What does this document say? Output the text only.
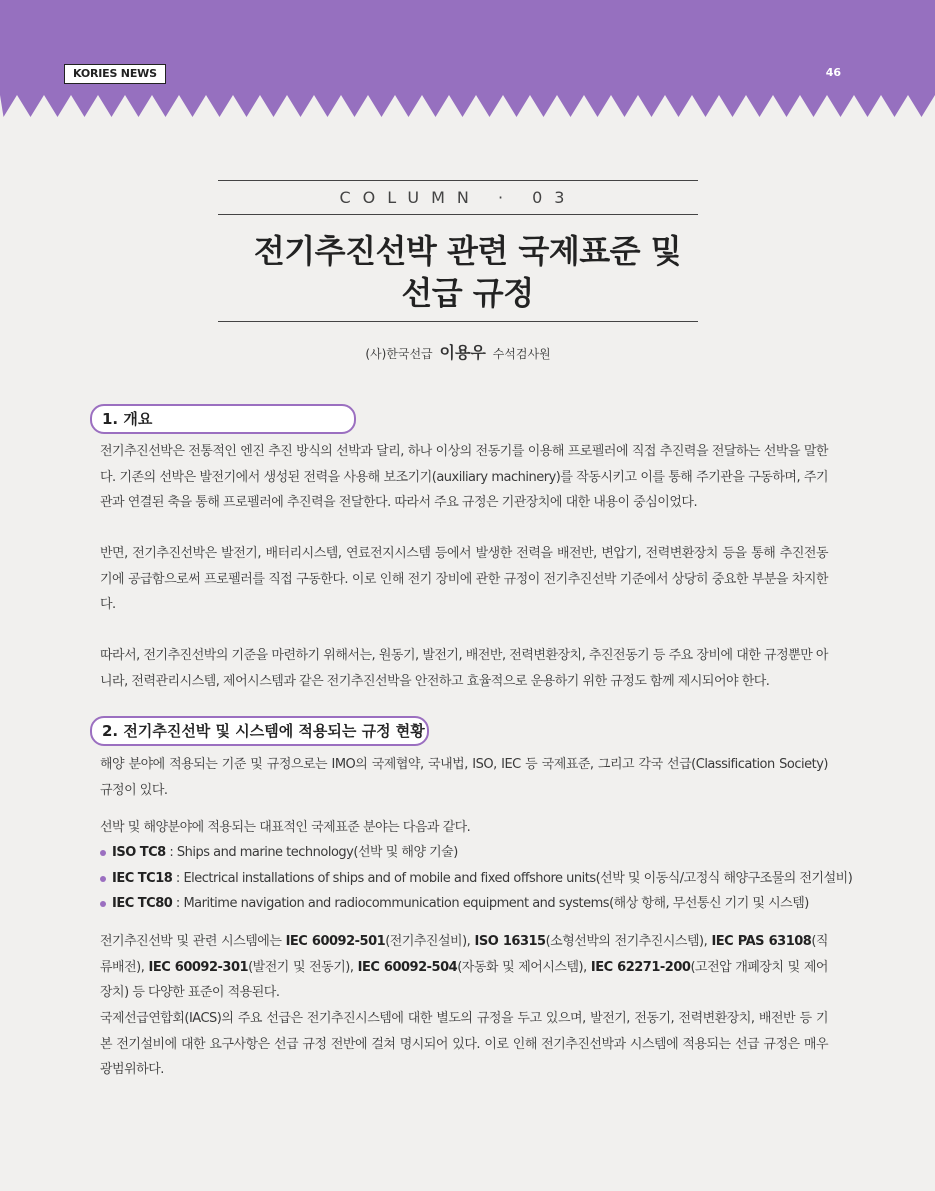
KORIES NEWS	46
COLUMN · 03
전기추진선박 관련 국제표준 및
선급 규정
(사)한국선급 이용우 수석검사원
1. 개요
전기추진선박은 전통적인 엔진 추진 방식의 선박과 달리, 하나 이상의 전동기를 이용해 프로펠러에 직접 추진력을 전달하는 선박을 말한다. 기존의 선박은 발전기에서 생성된 전력을 사용해 보조기기(auxiliary machinery)를 작동시키고 이를 통해 주기관을 구동하며, 주기관과 연결된 축을 통해 프로펠러에 추진력을 전달한다. 따라서 주요 규정은 기관장치에 대한 내용이 중심이었다.
반면, 전기추진선박은 발전기, 배터리시스템, 연료전지시스템 등에서 발생한 전력을 배전반, 변압기, 전력변환장치 등을 통해 추진전동기에 공급함으로써 프로펠러를 직접 구동한다. 이로 인해 전기 장비에 관한 규정이 전기추진선박 기준에서 상당히 중요한 부분을 차지한다.
따라서, 전기추진선박의 기준을 마련하기 위해서는, 원동기, 발전기, 배전반, 전력변환장치, 추진전동기 등 주요 장비에 대한 규정뿐만 아니라, 전력관리시스템, 제어시스템과 같은 전기추진선박을 안전하고 효율적으로 운용하기 위한 규정도 함께 제시되어야 한다.
2. 전기추진선박 및 시스템에 적용되는 규정 현황
해양 분야에 적용되는 기준 및 규정으로는 IMO의 국제협약, 국내법, ISO, IEC 등 국제표준, 그리고 각국 선급(Classification Society) 규정이 있다.
선박 및 해양분야에 적용되는 대표적인 국제표준 분야는 다음과 같다.
ISO TC8 : Ships and marine technology(선박 및 해양 기술)
IEC TC18 : Electrical installations of ships and of mobile and fixed offshore units(선박 및 이동식/고정식 해양구조물의 전기설비)
IEC TC80 : Maritime navigation and radiocommunication equipment and systems(해상 항해, 무선통신 기기 및 시스템)
전기추진선박 및 관련 시스템에는 IEC 60092-501(전기추진설비), ISO 16315(소형선박의 전기추진시스템), IEC PAS 63108(직류배전), IEC 60092-301(발전기 및 전동기), IEC 60092-504(자동화 및 제어시스템), IEC 62271-200(고전압 개폐장치 및 제어장치) 등 다양한 표준이 적용된다.
국제선급연합회(IACS)의 주요 선급은 전기추진시스템에 대한 별도의 규정을 두고 있으며, 발전기, 전동기, 전력변환장치, 배전반 등 기본 전기설비에 대한 요구사항은 선급 규정 전반에 걸쳐 명시되어 있다. 이로 인해 전기추진선박과 시스템에 적용되는 선급 규정은 매우 광범위하다.
